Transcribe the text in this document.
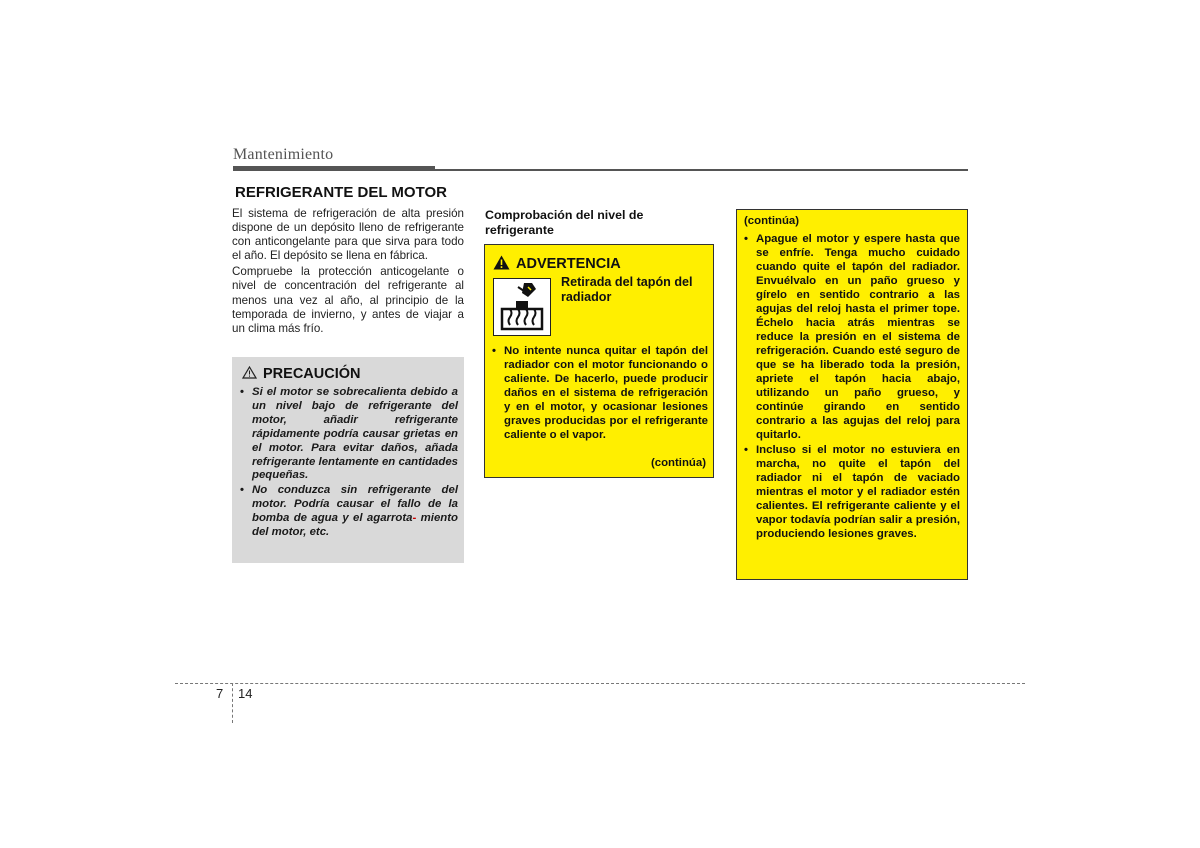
Mantenimiento
REFRIGERANTE DEL MOTOR

El sistema de refrigeración de alta presión dispone de un depósito lleno de refrigerante con anticongelante para que sirva para todo el año. El depósito se llena en fábrica.

Compruebe la protección anticogelante o nivel de concentración del refrigerante al menos una vez al año, al principio de la temporada de invierno, y antes de viajar a un clima más frío.

PRECAUCIÓN
• Si el motor se sobrecalienta debido a un nivel bajo de refrigerante del motor, añadir refrigerante rápidamente podría causar grietas en el motor. Para evitar daños, añada refrigerante lentamente en cantidades pequeñas.
• No conduzca sin refrigerante del motor. Podría causar el fallo de la bomba de agua y el agarrota- miento del motor, etc.
Comprobación del nivel de refrigerante
ADVERTENCIA
Retirada del tapón del radiador
• No intente nunca quitar el tapón del radiador con el motor funcionando o caliente. De hacerlo, puede producir daños en el sistema de refrigeración y en el motor, y ocasionar lesiones graves producidas por el refrigerante caliente o el vapor.
(continúa)
(continúa)
• Apague el motor y espere hasta que se enfríe. Tenga mucho cuidado cuando quite el tapón del radiador. Envuélvalo en un paño grueso y gírelo en sentido contrario a las agujas del reloj hasta el primer tope. Échelo hacia atrás mientras se reduce la presión en el sistema de refrigeración. Cuando esté seguro de que se ha liberado toda la presión, apriete el tapón hacia abajo, utilizando un paño grueso, y continúe girando en sentido contrario a las agujas del reloj para quitarlo.
• Incluso si el motor no estuviera en marcha, no quite el tapón del radiador ni el tapón de vaciado mientras el motor y el radiador estén calientes. El refrigerante caliente y el vapor todavía podrían salir a presión, produciendo lesiones graves.
7 14
